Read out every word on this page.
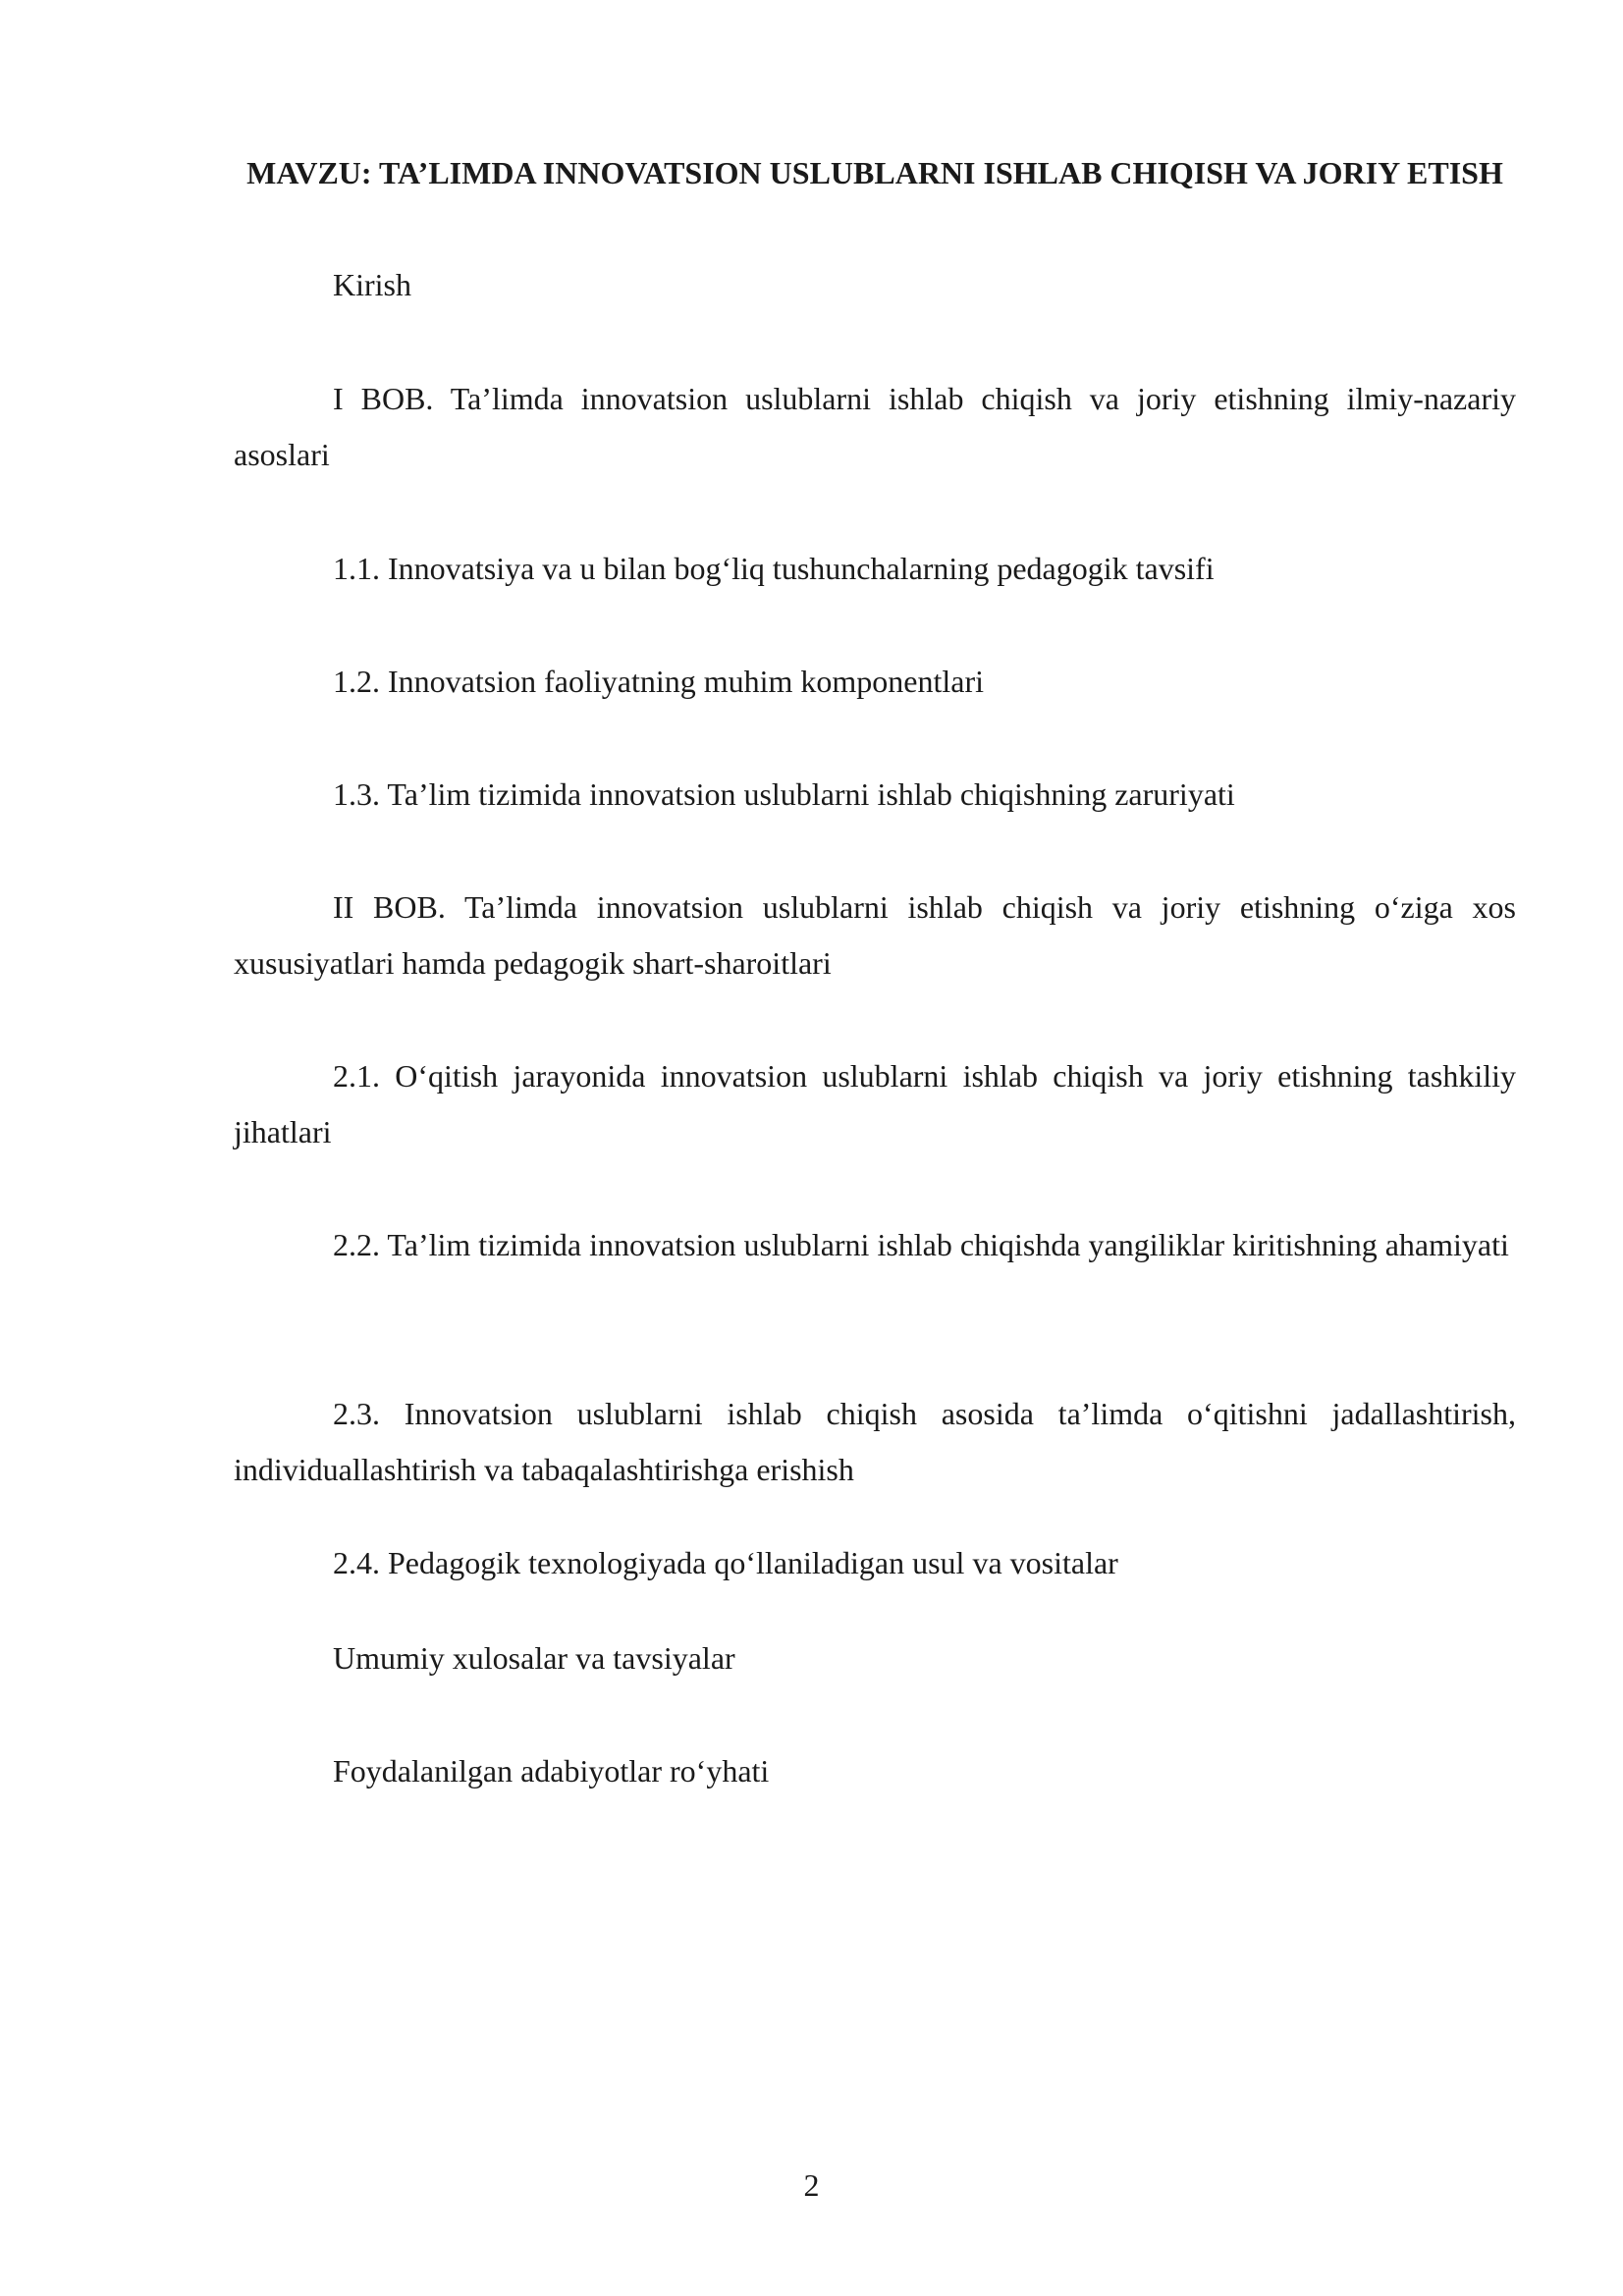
MAVZU: TA’LIMDA INNOVATSION USLUBLARNI ISHLAB CHIQISH VA JORIY ETISH
Kirish
I BOB. Ta’limda innovatsion uslublarni ishlab chiqish va joriy etishning ilmiy-nazariy asoslari
1.1. Innovatsiya va u bilan bog‘liq tushunchalarning pedagogik tavsifi
1.2. Innovatsion faoliyatning muhim komponentlari
1.3. Ta’lim tizimida innovatsion uslublarni ishlab chiqishning zaruriyati
II BOB. Ta’limda innovatsion uslublarni ishlab chiqish va joriy etishning o‘ziga xos xususiyatlari hamda pedagogik shart-sharoitlari
2.1. O‘qitish jarayonida innovatsion uslublarni ishlab chiqish va joriy etishning tashkiliy jihatlari
2.2. Ta’lim tizimida innovatsion uslublarni ishlab chiqishda yangiliklar kiritishning ahamiyati
2.3. Innovatsion uslublarni ishlab chiqish asosida ta’limda o‘qitishni jadallashtirish, individuallashtirish va tabaqalashtirishga erishish
2.4. Pedagogik texnologiyada qo‘llaniladigan usul va vositalar
Umumiy xulosalar va tavsiyalar
Foydalanilgan adabiyotlar ro‘yhati
2
